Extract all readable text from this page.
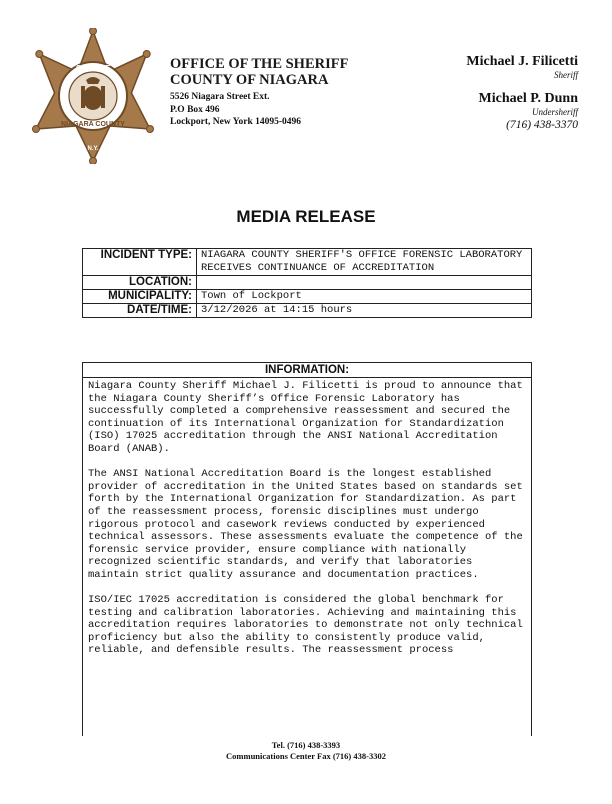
SHERIFF
NIAGARA COUNTY
N.Y.
OFFICE OF THE SHERIFF
COUNTY OF NIAGARA
5526 Niagara Street Ext.
P.O Box 496
Lockport, New York 14095-0496
Michael J. Filicetti
Sheriff
Michael P. Dunn
Undersheriff
(716) 438-3370
MEDIA RELEASE
INCIDENT TYPE:	NIAGARA COUNTY SHERIFF'S OFFICE FORENSIC LABORATORY RECEIVES CONTINUANCE OF ACCREDITATION
LOCATION:	
MUNICIPALITY:	Town of Lockport
DATE/TIME:	3/12/2026 at 14:15 hours
INFORMATION:

Niagara County Sheriff Michael J. Filicetti is proud to announce that the Niagara County Sheriff’s Office Forensic Laboratory has successfully completed a comprehensive reassessment and secured the continuation of its International Organization for Standardization (ISO) 17025 accreditation through the ANSI National Accreditation Board (ANAB).

The ANSI National Accreditation Board is the longest established provider of accreditation in the United States based on standards set forth by the International Organization for Standardization. As part of the reassessment process, forensic disciplines must undergo rigorous protocol and casework reviews conducted by experienced technical assessors. These assessments evaluate the competence of the forensic service provider, ensure compliance with nationally recognized scientific standards, and verify that laboratories maintain strict quality assurance and documentation practices.

ISO/IEC 17025 accreditation is considered the global benchmark for testing and calibration laboratories. Achieving and maintaining this accreditation requires laboratories to demonstrate not only technical proficiency but also the ability to consistently produce valid, reliable, and defensible results. The reassessment process

Tel. (716) 438-3393
Communications Center Fax (716) 438-3302
